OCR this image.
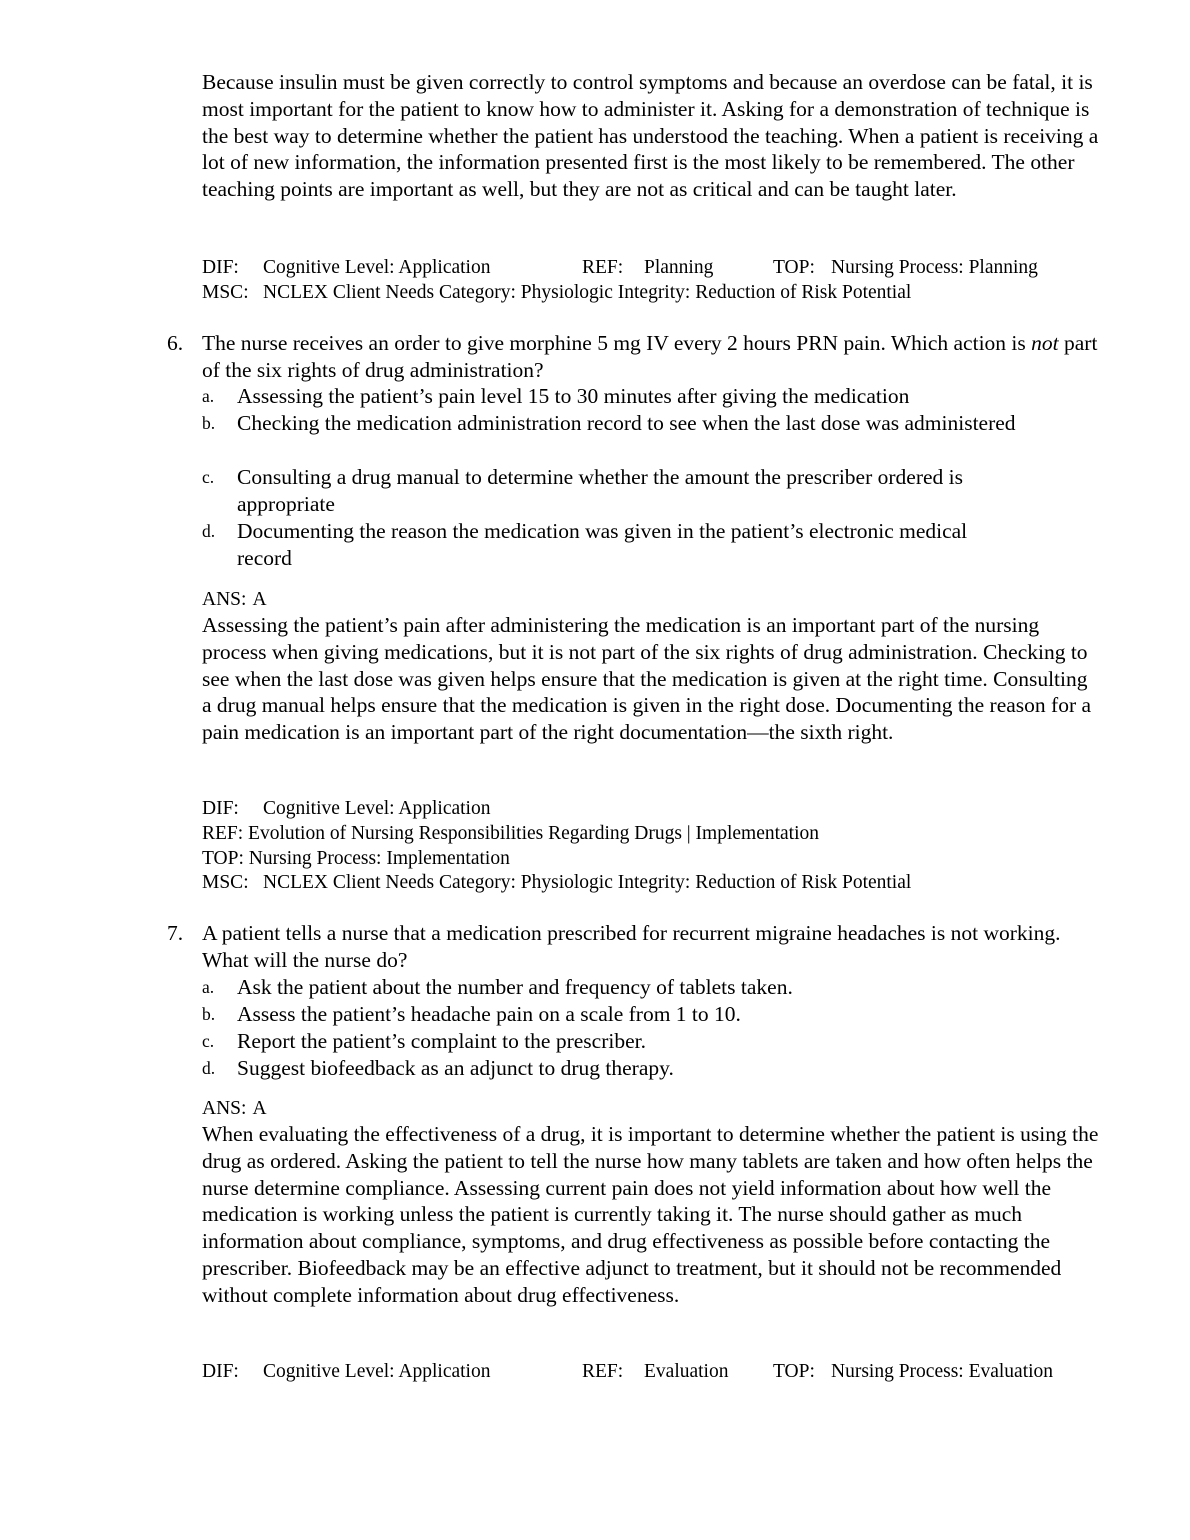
Because insulin must be given correctly to control symptoms and because an overdose can be fatal, it is most important for the patient to know how to administer it. Asking for a demonstration of technique is the best way to determine whether the patient has understood the teaching. When a patient is receiving a lot of new information, the information presented first is the most likely to be remembered. The other teaching points are important as well, but they are not as critical and can be taught later.

DIF: Cognitive Level: Application	REF: Planning	TOP: Nursing Process: Planning
MSC: NCLEX Client Needs Category: Physiologic Integrity: Reduction of Risk Potential
6. The nurse receives an order to give morphine 5 mg IV every 2 hours PRN pain. Which action is not part of the six rights of drug administration?

a. Assessing the patient’s pain level 15 to 30 minutes after giving the medication

b. Checking the medication administration record to see when the last dose was administered

c. Consulting a drug manual to determine whether the amount the prescriber ordered is appropriate

d. Documenting the reason the medication was given in the patient’s electronic medical record

ANS: A

Assessing the patient’s pain after administering the medication is an important part of the nursing process when giving medications, but it is not part of the six rights of drug administration. Checking to see when the last dose was given helps ensure that the medication is given at the right time. Consulting a drug manual helps ensure that the medication is given in the right dose. Documenting the reason for a pain medication is an important part of the right documentation—the sixth right.

DIF: Cognitive Level: Application
REF: Evolution of Nursing Responsibilities Regarding Drugs | Implementation
TOP: Nursing Process: Implementation
MSC: NCLEX Client Needs Category: Physiologic Integrity: Reduction of Risk Potential
7. A patient tells a nurse that a medication prescribed for recurrent migraine headaches is not working. What will the nurse do?

a. Ask the patient about the number and frequency of tablets taken.

b. Assess the patient’s headache pain on a scale from 1 to 10.

c. Report the patient’s complaint to the prescriber.

d. Suggest biofeedback as an adjunct to drug therapy.

ANS: A

When evaluating the effectiveness of a drug, it is important to determine whether the patient is using the drug as ordered. Asking the patient to tell the nurse how many tablets are taken and how often helps the nurse determine compliance. Assessing current pain does not yield information about how well the medication is working unless the patient is currently taking it. The nurse should gather as much information about compliance, symptoms, and drug effectiveness as possible before contacting the prescriber. Biofeedback may be an effective adjunct to treatment, but it should not be recommended without complete information about drug effectiveness.

DIF: Cognitive Level: Application	REF: Evaluation TOP: Nursing Process: Evaluation
